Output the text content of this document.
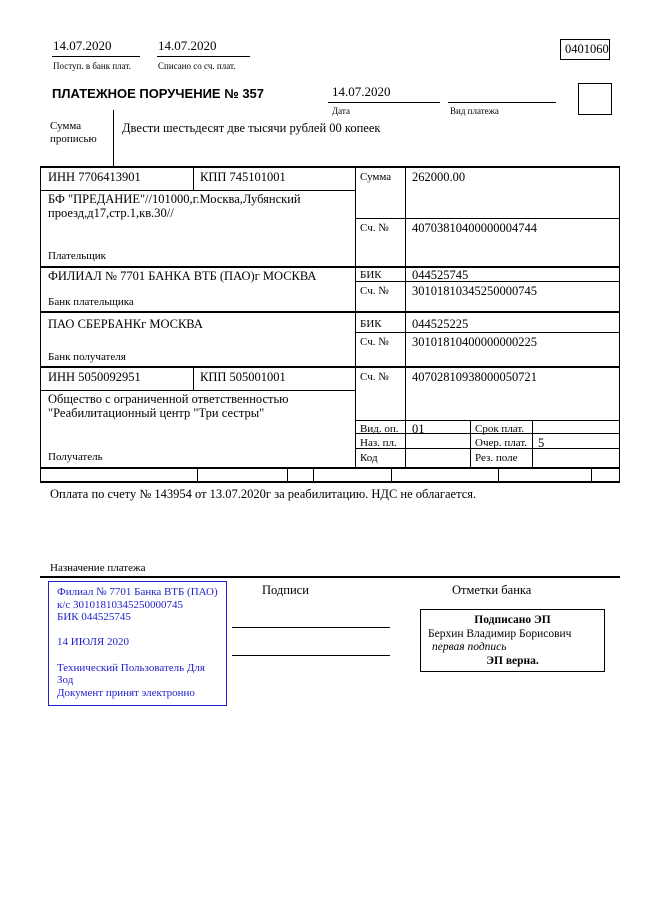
14.07.2020
Поступ. в банк плат.
14.07.2020
Списано со сч. плат.
0401060
ПЛАТЕЖНОЕ ПОРУЧЕНИЕ № 357	14.07.2020
Дата	Вид платежа
Сумма прописью
Двести шестьдесят две тысячи рублей 00 копеек
ИНН 7706413901	КПП 745101001	Сумма 262000.00
БФ "ПРЕДАНИЕ"//101000,г.Москва,Лубянский проезд,д17,стр.1,кв.30//
Сч. № 40703810400000004744
Плательщик
ФИЛИАЛ № 7701 БАНКА ВТБ (ПАО)г МОСКВА	БИК 044525745
Сч. № 30101810345250000745
Банк плательщика
ПАО СБЕРБАНКг МОСКВА	БИК 044525225
Сч. № 30101810400000000225
Банк получателя
ИНН 5050092951	КПП 505001001	Сч. № 40702810938000050721
Общество с ограниченной ответственностью "Реабилитационный центр "Три сестры"
Вид. оп. 01	Срок плат.
Наз. пл.	Очер. плат. 5
Код	Рез. поле
Получатель
Оплата по счету № 143954 от 13.07.2020г за реабилитацию. НДС не облагается.
Назначение платежа
Филиал № 7701 Банка ВТБ (ПАО)
к/с 30101810345250000745
БИК 044525745
14 ИЮЛЯ 2020
Технический Пользователь Для Зод
Документ принят электронно
Подписи	Отметки банка
Подписано ЭП
Берхин Владимир Борисович
первая подпись
ЭП верна.
